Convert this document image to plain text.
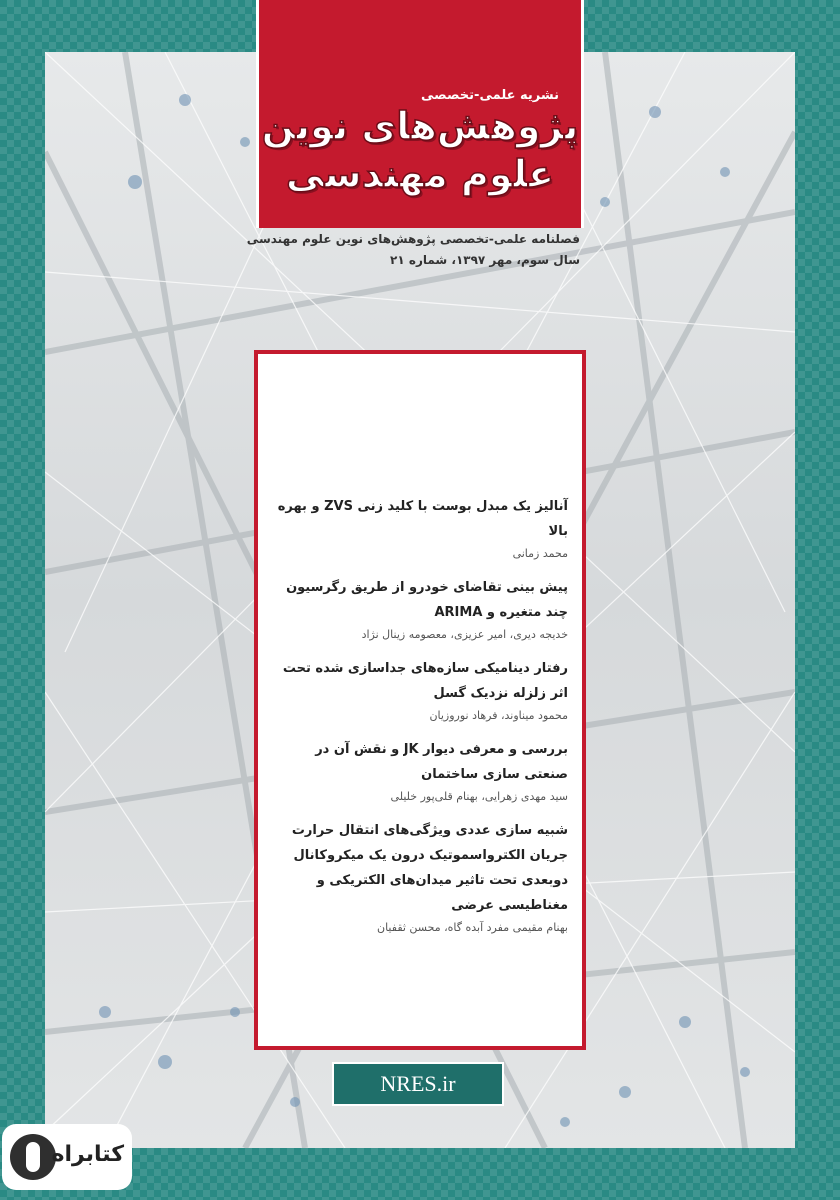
نشریه علمی-تخصصی
پژوهش‌های نوین
علوم مهندسی
فصلنامه علمی-تخصصی پژوهش‌های نوین علوم مهندسی
سال سوم، مهر ۱۳۹۷، شماره ۲۱
آنالیز یک مبدل بوست با کلید زنی ZVS و بهره بالا
محمد زمانی
پیش بینی تقاضای خودرو از طریق رگرسیون چند متغیره و ARIMA
خدیجه دیری، امیر عزیزی، معصومه زینال نژاد
رفتار دینامیکی سازه‌های جداسازی شده تحت اثر زلزله نزدیک گسل
محمود میناوند، فرهاد نوروزیان
بررسی و معرفی دیوار JK و نقش آن در صنعتی سازی ساختمان
سید مهدی زهرایی، بهنام قلی‌پور خلیلی
شبیه سازی عددی ویژگی‌های انتقال حرارت جریان الکترواسموتیک درون یک میکروکانال دوبعدی تحت تاثیر میدان‌های الکتریکی و مغناطیسی عرضی
بهنام مقیمی مفرد آبده گاه، محسن ثقفیان
NRES.ir
کتابراه
